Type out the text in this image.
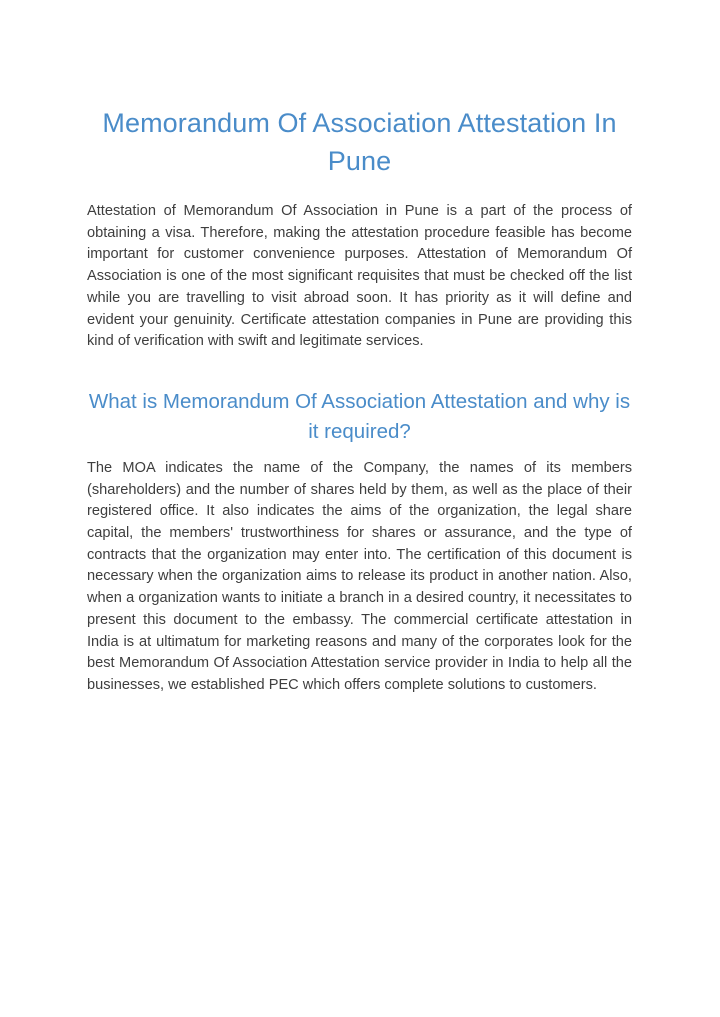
Memorandum Of Association Attestation In Pune

Attestation of Memorandum Of Association in Pune is a part of the process of obtaining a visa. Therefore, making the attestation procedure feasible has become important for customer convenience purposes. Attestation of Memorandum Of Association is one of the most significant requisites that must be checked off the list while you are travelling to visit abroad soon. It has priority as it will define and evident your genuinity. Certificate attestation companies in Pune are providing this kind of verification with swift and legitimate services.

What is Memorandum Of Association Attestation and why is it required?

The MOA indicates the name of the Company, the names of its members (shareholders) and the number of shares held by them, as well as the place of their registered office. It also indicates the aims of the organization, the legal share capital, the members' trustworthiness for shares or assurance, and the type of contracts that the organization may enter into. The certification of this document is necessary when the organization aims to release its product in another nation. Also, when a organization wants to initiate a branch in a desired country, it necessitates to present this document to the embassy. The commercial certificate attestation in India is at ultimatum for marketing reasons and many of the corporates look for the best Memorandum Of Association Attestation service provider in India to help all the businesses, we established PEC which offers complete solutions to customers.
